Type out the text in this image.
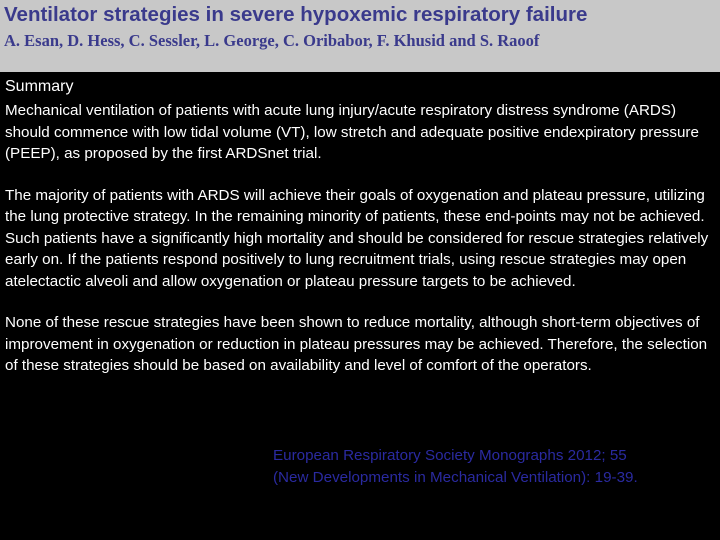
Ventilator strategies in severe hypoxemic respiratory failure
A. Esan, D. Hess, C. Sessler, L. George, C. Oribabor, F. Khusid and S. Raoof
Summary

Mechanical ventilation of patients with acute lung injury/acute respiratory distress syndrome (ARDS) should commence with low tidal volume (VT), low stretch and adequate positive endexpiratory pressure (PEEP), as proposed by the first ARDSnet trial.

The majority of patients with ARDS will achieve their goals of oxygenation and plateau pressure, utilizing the lung protective strategy. In the remaining minority of patients, these end-points may not be achieved. Such patients have a significantly high mortality and should be considered for rescue strategies relatively early on. If the patients respond positively to lung recruitment trials, using rescue strategies may open atelectactic alveoli and allow oxygenation or plateau pressure targets to be achieved.

None of these rescue strategies have been shown to reduce mortality, although short-term objectives of improvement in oxygenation or reduction in plateau pressures may be achieved. Therefore, the selection of these strategies should be based on availability and level of comfort of the operators.

European Respiratory Society Monographs 2012; 55
(New Developments in Mechanical Ventilation): 19-39.
